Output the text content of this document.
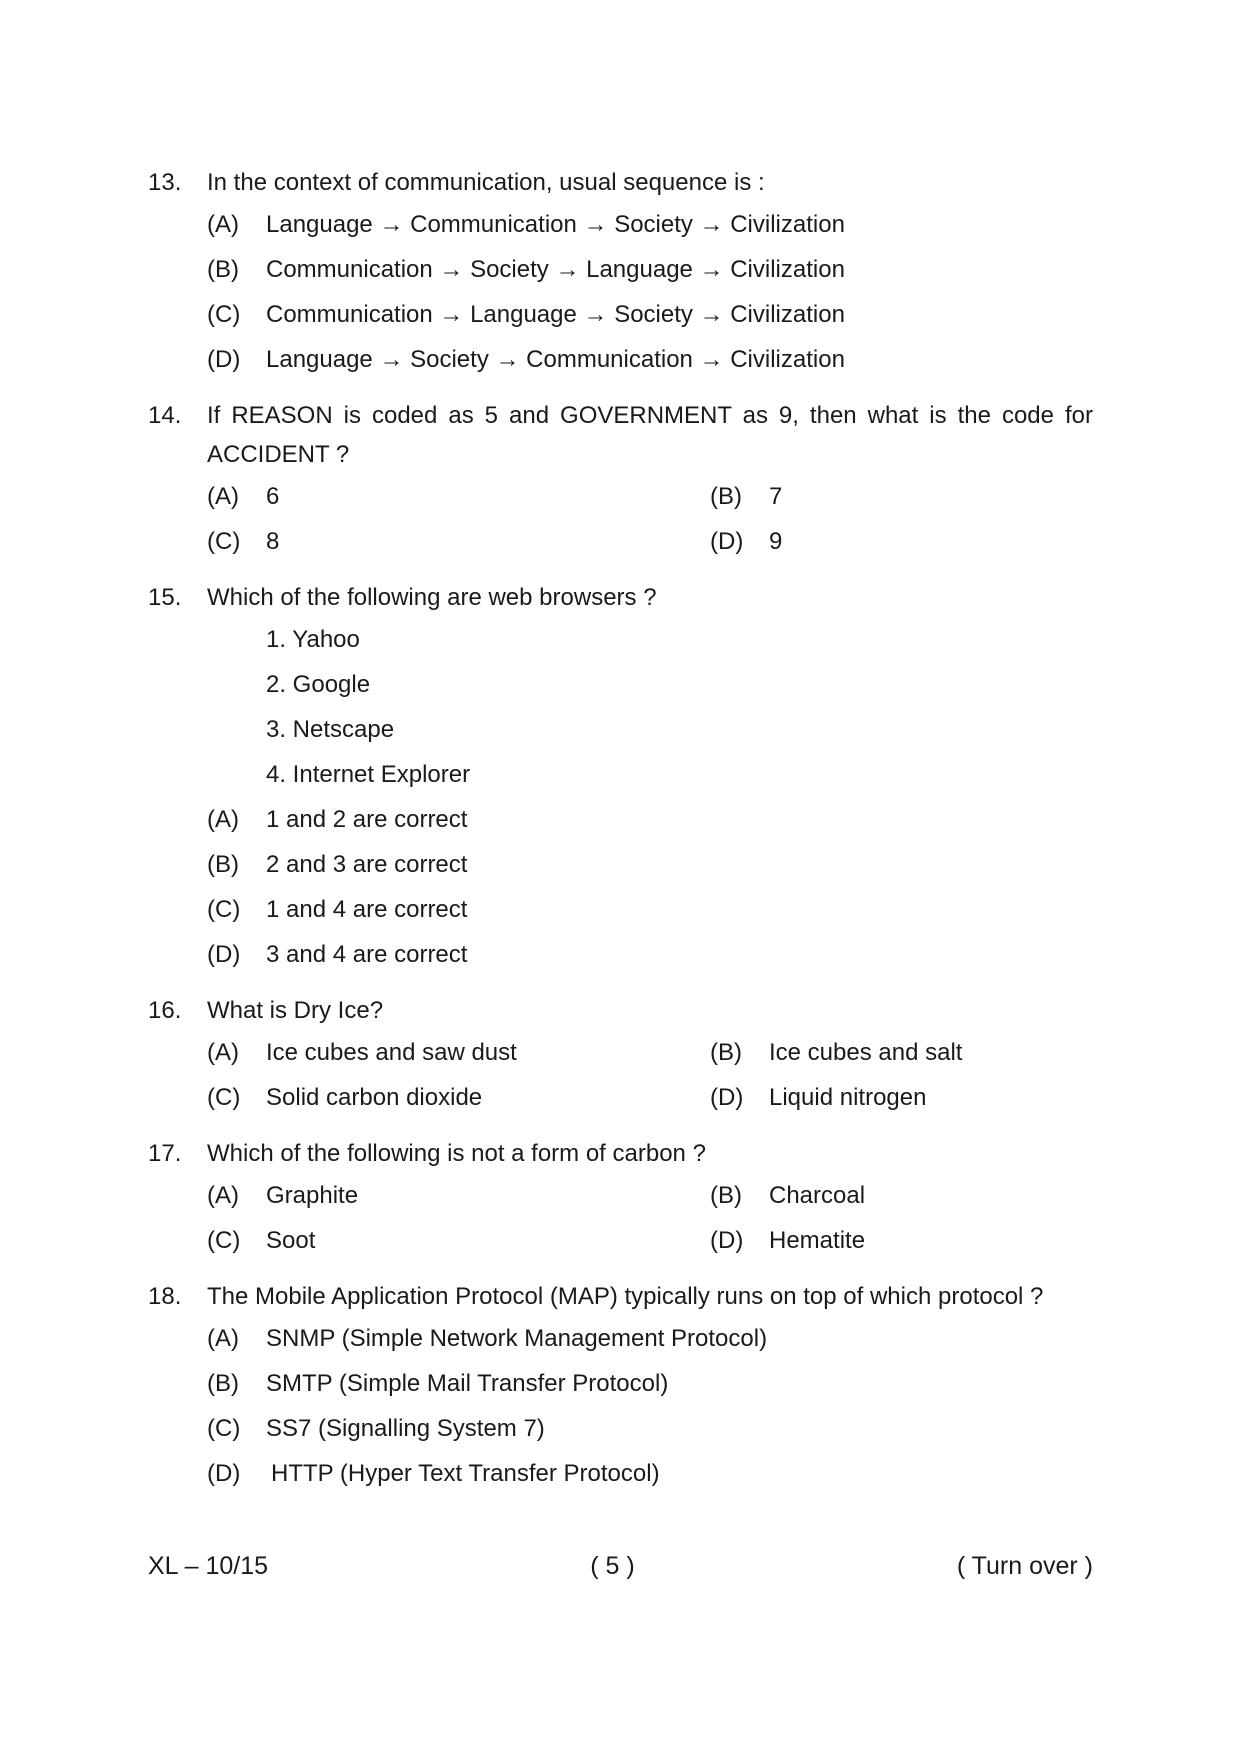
13.	In the context of communication, usual sequence is :
(A)	Language → Communication → Society → Civilization
(B)	Communication → Society → Language → Civilization
(C)	Communication → Language → Society → Civilization
(D)	Language → Society → Communication → Civilization
14.	If REASON is coded as 5 and GOVERNMENT as 9, then what is the code for ACCIDENT ?
(A)	6	(B)	7
(C)	8	(D)	9
15.	Which of the following are web browsers ?
1. Yahoo
2. Google
3. Netscape
4. Internet Explorer
(A)	1 and 2 are correct
(B)	2 and 3 are correct
(C)	1 and 4 are correct
(D)	3 and 4 are correct
16.	What is Dry Ice?
(A)	Ice cubes and saw dust	(B)	Ice cubes and salt
(C)	Solid carbon dioxide	(D)	Liquid nitrogen
17.	Which of the following is not a form of carbon ?
(A)	Graphite	(B)	Charcoal
(C)	Soot	(D)	Hematite
18.	The Mobile Application Protocol (MAP) typically runs on top of which protocol ?
(A)	SNMP (Simple Network Management Protocol)
(B)	SMTP (Simple Mail Transfer Protocol)
(C)	SS7 (Signalling System 7)
(D)	HTTP (Hyper Text Transfer Protocol)
XL – 10/15	( 5 )	( Turn over )
